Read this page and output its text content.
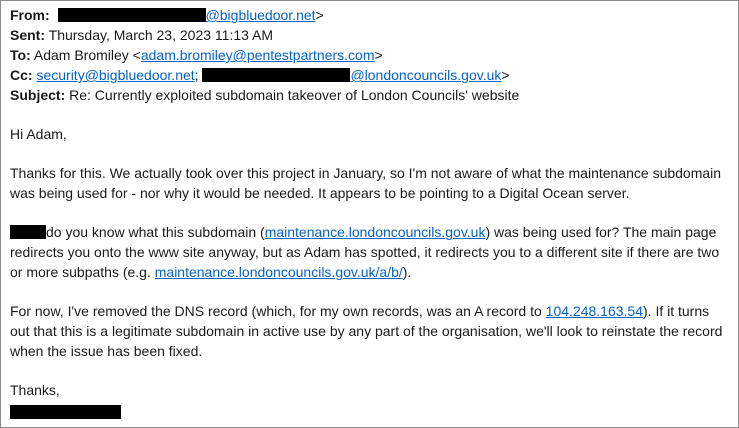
From:	@bigbluedoor.net>
Sent: Thursday, March 23, 2023 11:13 AM
To: Adam Bromiley <adam.bromiley@pentestpartners.com>
Cc: security@bigbluedoor.net;	@londoncouncils.gov.uk>
Subject: Re: Currently exploited subdomain takeover of London Councils' website
Hi Adam,
Thanks for this. We actually took over this project in January, so I'm not aware of what the maintenance subdomain was being used for - nor why it would be needed. It appears to be pointing to a Digital Ocean server.
do you know what this subdomain (maintenance.londoncouncils.gov.uk) was being used for? The main page redirects you onto the www site anyway, but as Adam has spotted, it redirects you to a different site if there are two or more subpaths (e.g. maintenance.londoncouncils.gov.uk/a/b/).
For now, I've removed the DNS record (which, for my own records, was an A record to 104.248.163.54). If it turns out that this is a legitimate subdomain in active use by any part of the organisation, we'll look to reinstate the record when the issue has been fixed.
Thanks,
